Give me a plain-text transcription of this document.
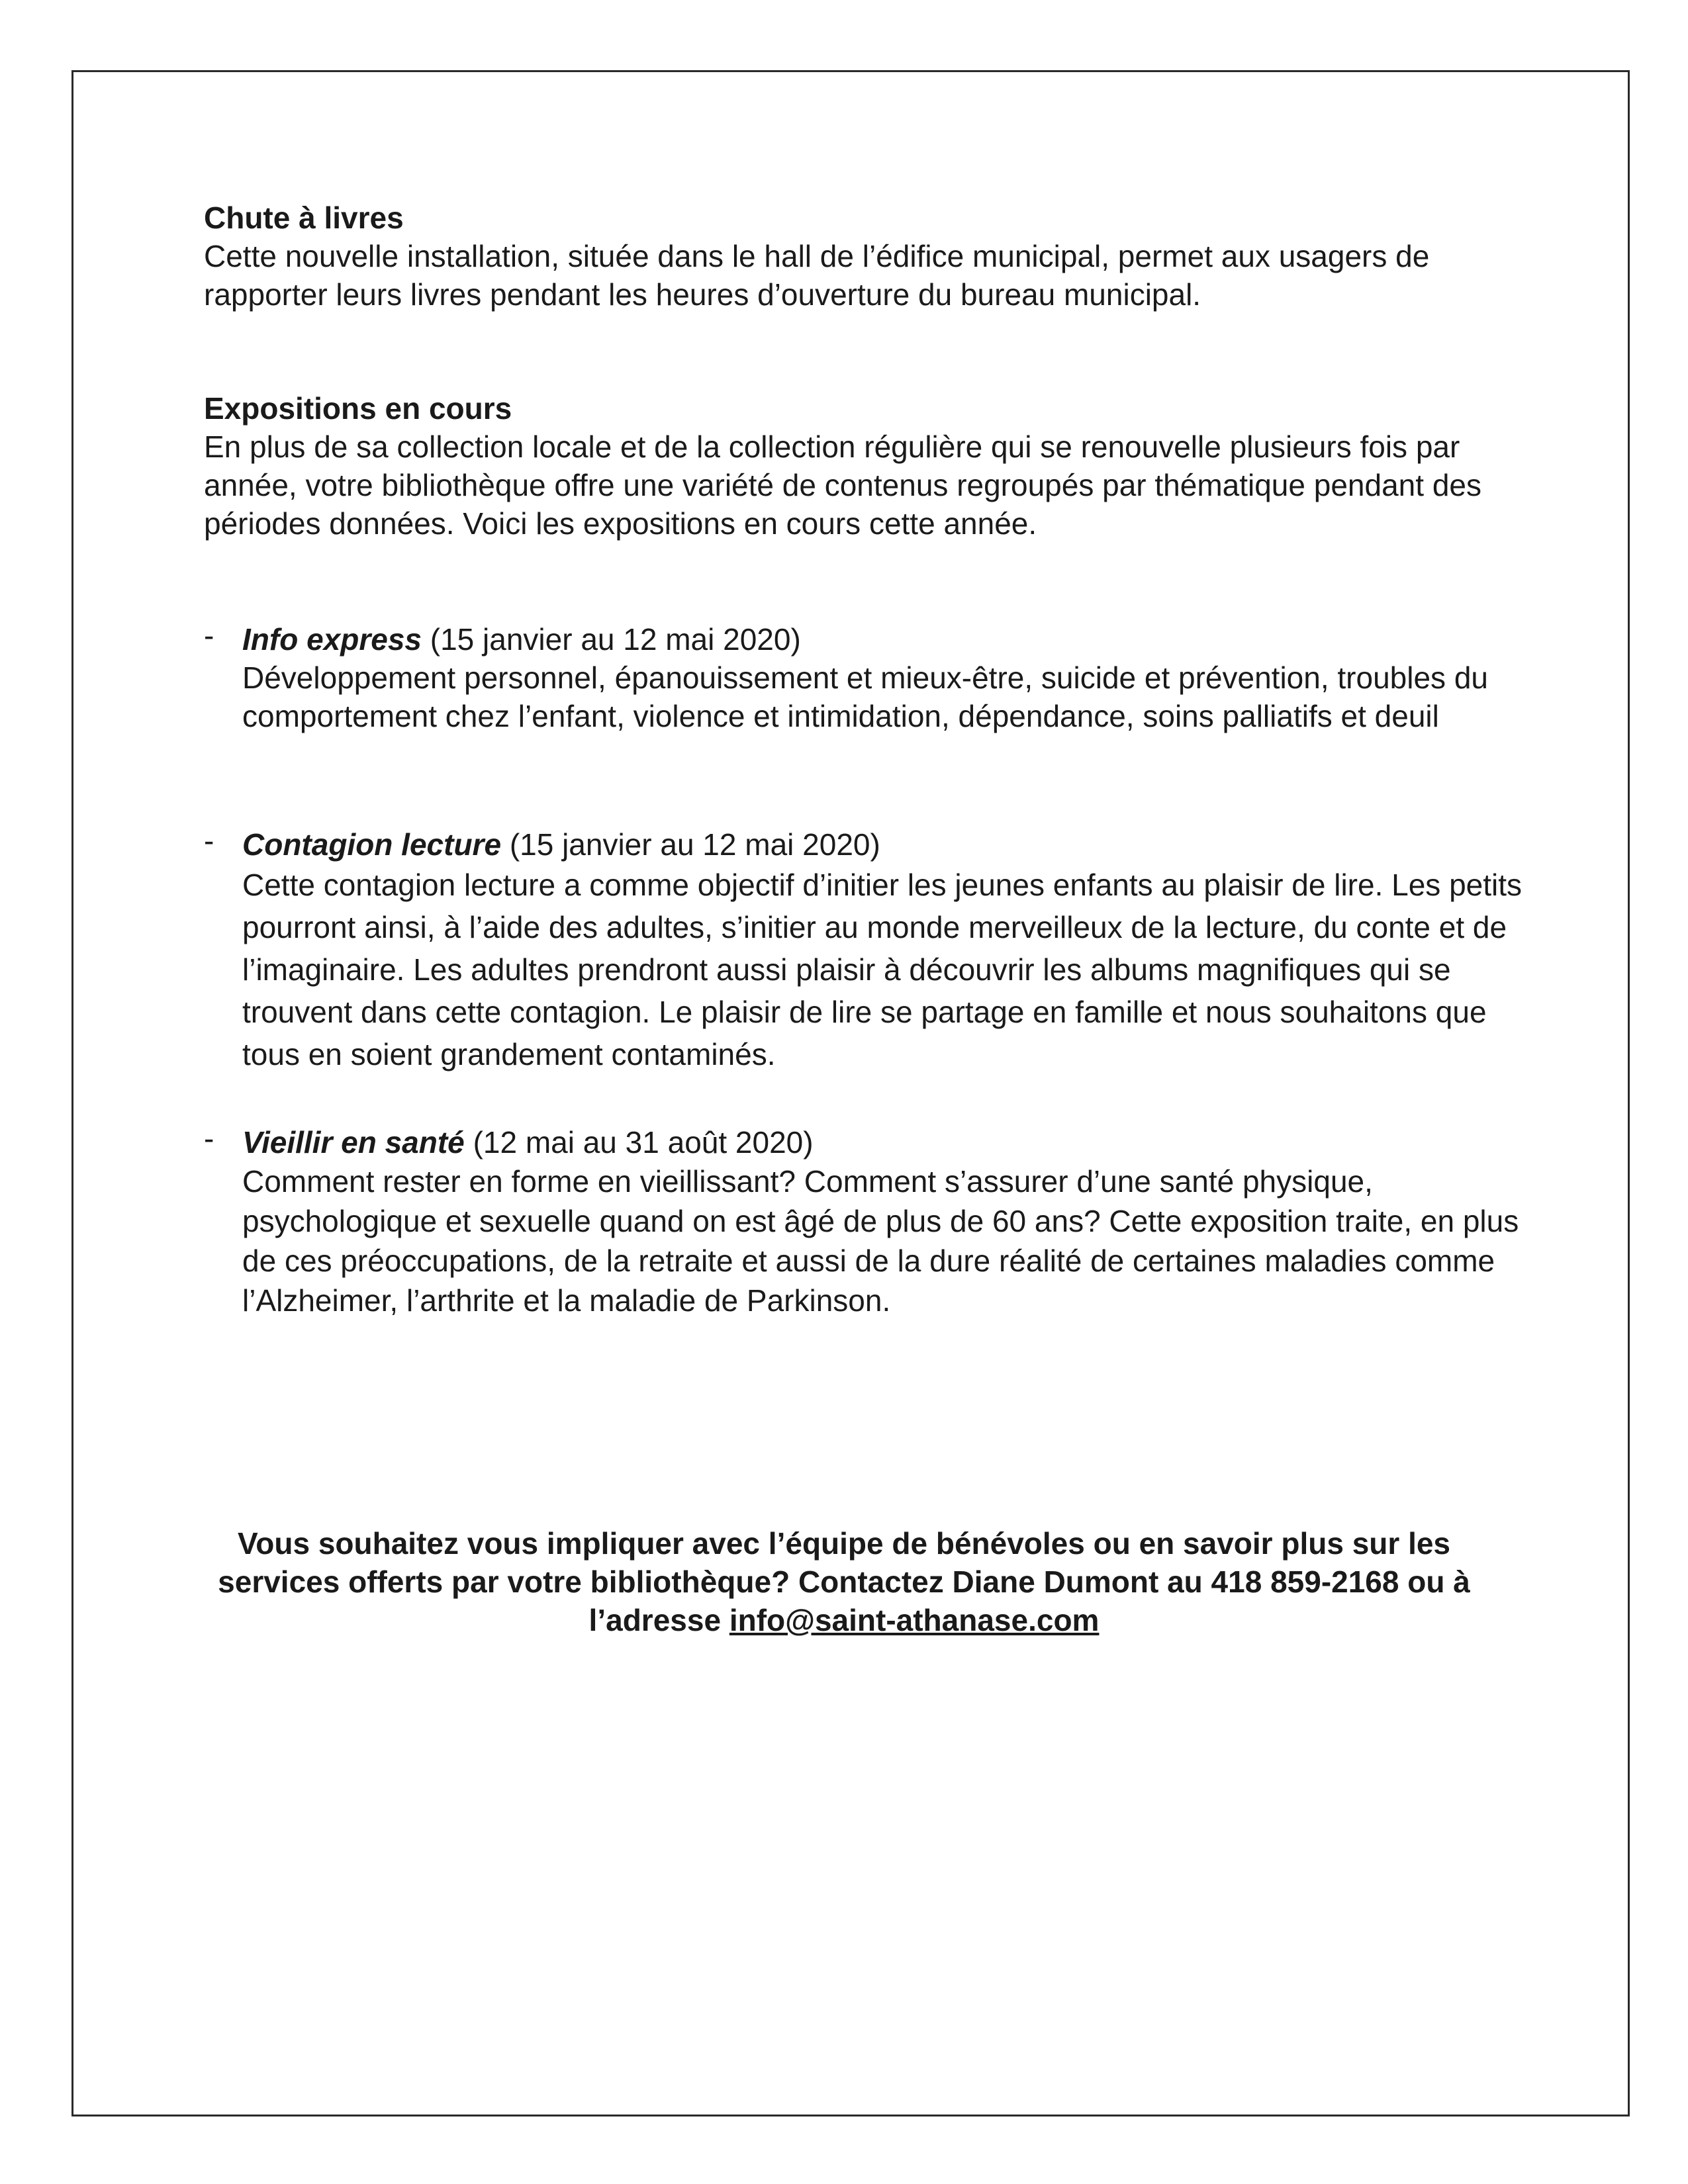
Chute à livres

Cette nouvelle installation, située dans le hall de l’édifice municipal, permet aux usagers de rapporter leurs livres pendant les heures d’ouverture du bureau municipal.

Expositions en cours

En plus de sa collection locale et de la collection régulière qui se renouvelle plusieurs fois par année, votre bibliothèque offre une variété de contenus regroupés par thématique pendant des périodes données. Voici les expositions en cours cette année.

- Info express (15 janvier au 12 mai 2020)
Développement personnel, épanouissement et mieux-être, suicide et prévention, troubles du comportement chez l’enfant, violence et intimidation, dépendance, soins palliatifs et deuil
- Contagion lecture (15 janvier au 12 mai 2020)
Cette contagion lecture a comme objectif d’initier les jeunes enfants au plaisir de lire. Les petits pourront ainsi, à l’aide des adultes, s’initier au monde merveilleux de la lecture, du conte et de l’imaginaire. Les adultes prendront aussi plaisir à découvrir les albums magnifiques qui se trouvent dans cette contagion. Le plaisir de lire se partage en famille et nous souhaitons que tous en soient grandement contaminés.
- Vieillir en santé (12 mai au 31 août 2020)
Comment rester en forme en vieillissant? Comment s’assurer d’une santé physique, psychologique et sexuelle quand on est âgé de plus de 60 ans? Cette exposition traite, en plus de ces préoccupations, de la retraite et aussi de la dure réalité de certaines maladies comme l’Alzheimer, l’arthrite et la maladie de Parkinson.
Vous souhaitez vous impliquer avec l’équipe de bénévoles ou en savoir plus sur les services offerts par votre bibliothèque? Contactez Diane Dumont au 418 859-2168 ou à l’adresse info@saint-athanase.com
